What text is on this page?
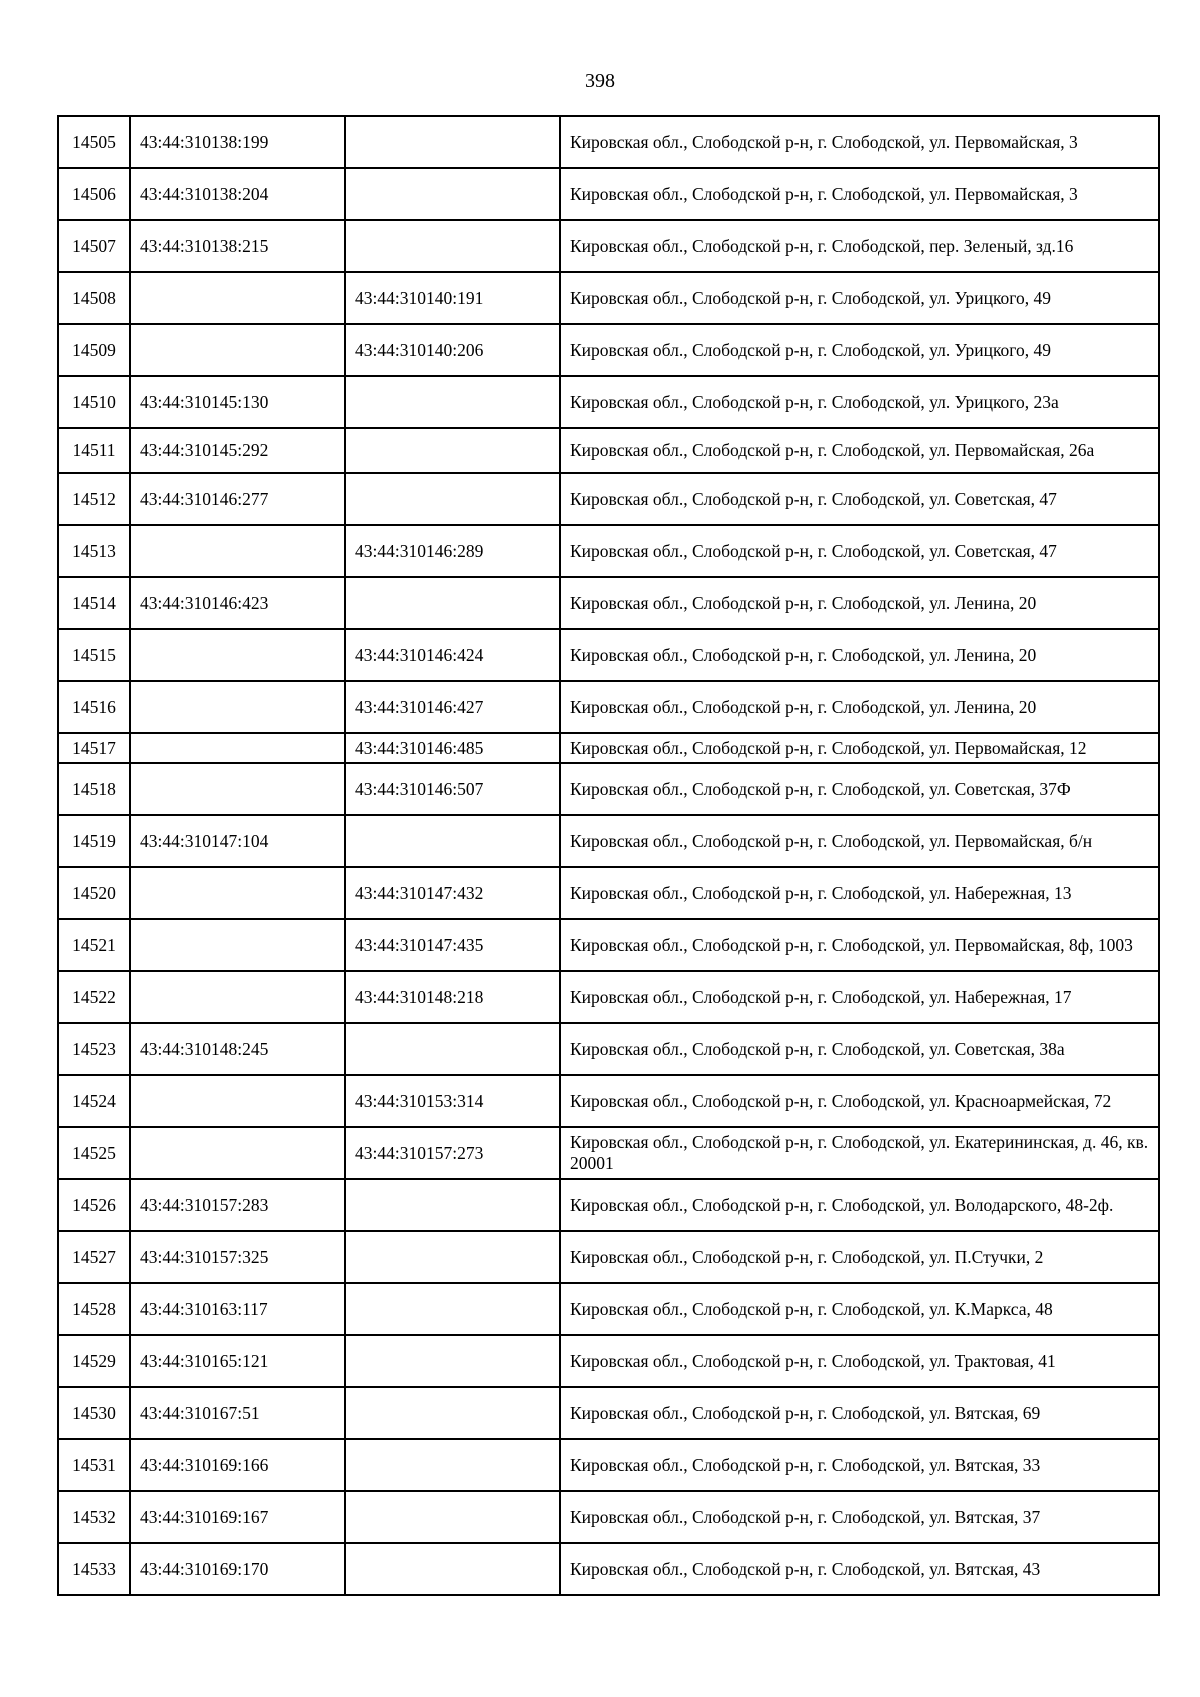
398
14505	43:44:310138:199		Кировская обл., Слободской р-н, г. Слободской, ул. Первомайская, 3
14506	43:44:310138:204		Кировская обл., Слободской р-н, г. Слободской, ул. Первомайская, 3
14507	43:44:310138:215		Кировская обл., Слободской р-н, г. Слободской, пер. Зеленый, зд.16
14508		43:44:310140:191	Кировская обл., Слободской р-н, г. Слободской, ул. Урицкого, 49
14509		43:44:310140:206	Кировская обл., Слободской р-н, г. Слободской, ул. Урицкого, 49
14510	43:44:310145:130		Кировская обл., Слободской р-н, г. Слободской, ул. Урицкого, 23а
14511	43:44:310145:292		Кировская обл., Слободской р-н, г. Слободской, ул. Первомайская, 26а
14512	43:44:310146:277		Кировская обл., Слободской р-н, г. Слободской, ул. Советская, 47
14513		43:44:310146:289	Кировская обл., Слободской р-н, г. Слободской, ул. Советская, 47
14514	43:44:310146:423		Кировская обл., Слободской р-н, г. Слободской, ул. Ленина, 20
14515		43:44:310146:424	Кировская обл., Слободской р-н, г. Слободской, ул. Ленина, 20
14516		43:44:310146:427	Кировская обл., Слободской р-н, г. Слободской, ул. Ленина, 20
14517		43:44:310146:485	Кировская обл., Слободской р-н, г. Слободской, ул. Первомайская, 12
14518		43:44:310146:507	Кировская обл., Слободской р-н, г. Слободской, ул. Советская, 37Ф
14519	43:44:310147:104		Кировская обл., Слободской р-н, г. Слободской, ул. Первомайская, б/н
14520		43:44:310147:432	Кировская обл., Слободской р-н, г. Слободской, ул. Набережная, 13
14521		43:44:310147:435	Кировская обл., Слободской р-н, г. Слободской, ул. Первомайская, 8ф, 1003
14522		43:44:310148:218	Кировская обл., Слободской р-н, г. Слободской, ул. Набережная, 17
14523	43:44:310148:245		Кировская обл., Слободской р-н, г. Слободской, ул. Советская, 38а
14524		43:44:310153:314	Кировская обл., Слободской р-н, г. Слободской, ул. Красноармейская, 72
14525		43:44:310157:273	Кировская обл., Слободской р-н, г. Слободской, ул. Екатерининская, д. 46, кв. 20001
14526	43:44:310157:283		Кировская обл., Слободской р-н, г. Слободской, ул. Володарского, 48-2ф.
14527	43:44:310157:325		Кировская обл., Слободской р-н, г. Слободской, ул. П.Стучки, 2
14528	43:44:310163:117		Кировская обл., Слободской р-н, г. Слободской, ул. К.Маркса, 48
14529	43:44:310165:121		Кировская обл., Слободской р-н, г. Слободской, ул. Трактовая, 41
14530	43:44:310167:51		Кировская обл., Слободской р-н, г. Слободской, ул. Вятская, 69
14531	43:44:310169:166		Кировская обл., Слободской р-н, г. Слободской, ул. Вятская, 33
14532	43:44:310169:167		Кировская обл., Слободской р-н, г. Слободской, ул. Вятская, 37
14533	43:44:310169:170		Кировская обл., Слободской р-н, г. Слободской, ул. Вятская, 43
